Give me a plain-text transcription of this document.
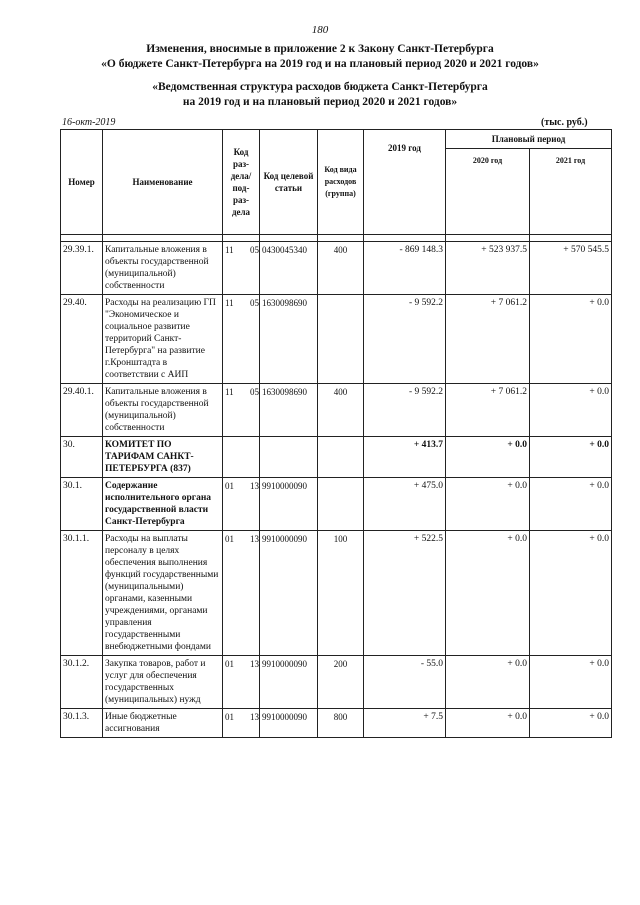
180
Изменения, вносимые в приложение 2 к Закону Санкт-Петербурга
«О бюджете Санкт-Петербурга на 2019 год и на плановый период 2020 и 2021 годов»
«Ведомственная структура расходов бюджета Санкт-Петербурга
на 2019 год и на плановый период 2020 и 2021 годов»
16-окт-2019	(тыс. руб.)
Номер	Наименование	Код раз-дела/ под-раз-дела	Код целевой статьи	Код вида расходов (группа)	2019 год	Плановый период	
						2020 год	2021 год

29.39.1.	Капитальные вложения в объекты государственной (муниципальной) собственности	11 05	0430045340	400	- 869 148.3	+ 523 937.5	+ 570 545.5
29.40.	Расходы на реализацию ГП "Экономическое и социальное развитие территорий Санкт-Петербурга" на развитие г.Кронштадта в соответствии с АИП	11 05	1630098690		- 9 592.2	+ 7 061.2	+ 0.0
29.40.1.	Капитальные вложения в объекты государственной (муниципальной) собственности	11 05	1630098690	400	- 9 592.2	+ 7 061.2	+ 0.0
30.	КОМИТЕТ ПО ТАРИФАМ САНКТ-ПЕТЕРБУРГА (837)				+ 413.7	+ 0.0	+ 0.0
30.1.	Содержание исполнительного органа государственной власти Санкт-Петербурга	01 13	9910000090		+ 475.0	+ 0.0	+ 0.0
30.1.1.	Расходы на выплаты персоналу в целях обеспечения выполнения функций государственными (муниципальными) органами, казенными учреждениями, органами управления государственными внебюджетными фондами	01 13	9910000090	100	+ 522.5	+ 0.0	+ 0.0
30.1.2.	Закупка товаров, работ и услуг для обеспечения государственных (муниципальных) нужд	01 13	9910000090	200	- 55.0	+ 0.0	+ 0.0
30.1.3.	Иные бюджетные ассигнования	01 13	9910000090	800	+ 7.5	+ 0.0	+ 0.0
